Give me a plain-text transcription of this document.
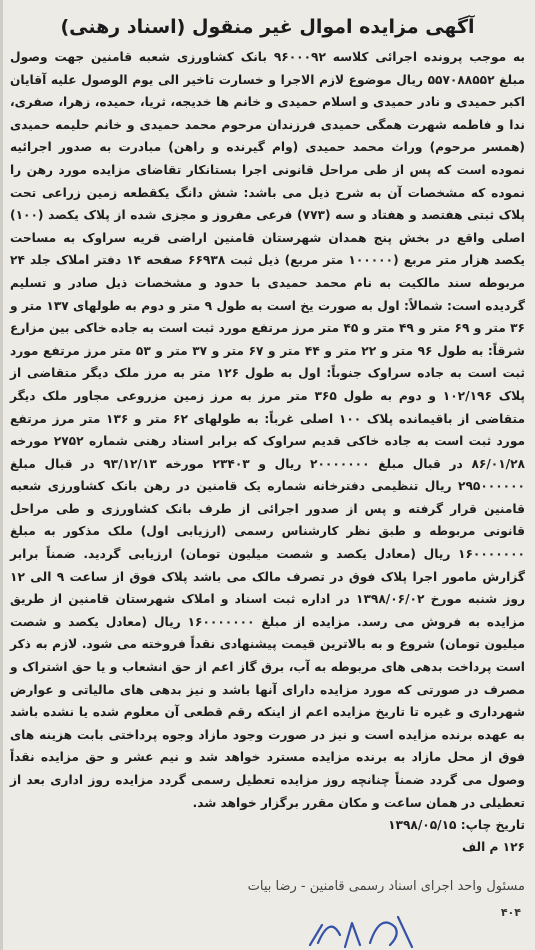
آگهی مزایده اموال غیر منقول (اسناد رهنی)

به موجب پرونده اجرائی کلاسه ۹۶۰۰۰۹۲ بانک کشاورزی شعبه قامنین جهت وصول مبلغ ۵۵۷۰۸۸۵۵۲ ریال موضوع لازم الاجرا و خسارت تاخیر الی یوم الوصول علیه آقایان اکبر حمیدی و نادر حمیدی و اسلام حمیدی و خانم ها خدیجه، ثریا، حمیده، زهرا، صفری، ندا و فاطمه شهرت همگی حمیدی فرزندان مرحوم محمد حمیدی و خانم حلیمه حمیدی (همسر مرحوم) وراث محمد حمیدی (وام گیرنده و راهن) مبادرت به صدور اجرائیه نموده است که پس از طی مراحل قانونی اجرا بستانکار تقاضای مزایده مورد رهن را نموده که مشخصات آن به شرح ذیل می باشد: شش دانگ یکقطعه زمین زراعی تحت پلاک ثبتی هفتصد و هفتاد و سه (۷۷۳) فرعی مفروز و مجزی شده از پلاک یکصد (۱۰۰) اصلی واقع در بخش پنج همدان شهرستان قامنین اراضی قریه سراوک به مساحت یکصد هزار متر مربع (۱۰۰۰۰۰ متر مربع) ذیل ثبت ۶۶۹۳۸ صفحه ۱۴ دفتر املاک جلد ۲۴ مربوطه سند مالکیت به نام محمد حمیدی با حدود و مشخصات ذیل صادر و تسلیم گردیده است: شمالاً: اول به صورت یخ است به طول ۹ متر و دوم به طولهای ۱۳۷ متر و ۳۶ متر و ۶۹ متر و ۴۹ متر و ۴۵ متر مرز مرتفع مورد ثبت است به جاده خاکی بین مزارع شرقاً: به طول ۹۶ متر و ۲۲ متر و ۴۴ متر و ۶۷ متر و ۳۷ متر و ۵۳ متر مرز مرتفع مورد ثبت است به جاده سراوک جنوباً: اول به طول ۱۲۶ متر به مرز ملک دیگر متقاضی از پلاک ۱۰۲/۱۹۶ و دوم به طول ۳۶۵ متر مرز به مرز زمین مزروعی مجاور ملک دیگر متقاضی از باقیمانده پلاک ۱۰۰ اصلی غرباً: به طولهای ۶۲ متر و ۱۳۶ متر مرز مرتفع مورد ثبت است به جاده خاکی قدیم سراوک که برابر اسناد رهنی شماره ۲۷۵۲ مورخه ۸۶/۰۱/۲۸ در قبال مبلغ ۲۰۰۰۰۰۰۰ ریال و ۲۳۴۰۳ مورخه ۹۳/۱۲/۱۳ در قبال مبلغ ۲۹۵۰۰۰۰۰۰ ریال تنظیمی دفترخانه شماره یک قامنین در رهن بانک کشاورزی شعبه قامنین قرار گرفته و پس از صدور اجرائی از طرف بانک کشاورزی و طی مراحل قانونی مربوطه و طبق نظر کارشناس رسمی (ارزیابی اول) ملک مذکور به مبلغ ۱۶۰۰۰۰۰۰۰ ریال (معادل یکصد و شصت میلیون تومان) ارزیابی گردید. ضمناً برابر گزارش مامور اجرا پلاک فوق در تصرف مالک می باشد پلاک فوق از ساعت ۹ الی ۱۲ روز شنبه مورخ ۱۳۹۸/۰۶/۰۲ در اداره ثبت اسناد و املاک شهرستان قامنین از طریق مزایده به فروش می رسد. مزایده از مبلغ ۱۶۰۰۰۰۰۰۰ ریال (معادل یکصد و شصت میلیون تومان) شروع و به بالاترین قیمت پیشنهادی نقداً فروخته می شود. لازم به ذکر است پرداخت بدهی های مربوطه به آب، برق گاز اعم از حق انشعاب و یا حق اشتراک و مصرف در صورتی که مورد مزایده دارای آنها باشد و نیز بدهی های مالیاتی و عوارض شهرداری و غیره تا تاریخ مزایده اعم از اینکه رقم قطعی آن معلوم شده یا نشده باشد به عهده برنده مزایده است و نیز در صورت وجود مازاد وجوه پرداختی بابت هزینه های فوق از محل مازاد به برنده مزایده مسترد خواهد شد و نیم عشر و حق مزایده نقداً وصول می گردد ضمناً چنانچه روز مزایده تعطیل رسمی گردد مزایده روز اداری بعد از تعطیلی در همان ساعت و مکان مقرر برگزار خواهد شد.

تاریخ چاپ: ۱۳۹۸/۰۵/۱۵

۱۲۶ م الف

مسئول واحد اجرای اسناد رسمی قامنین - رضا بیات
۴۰۴
